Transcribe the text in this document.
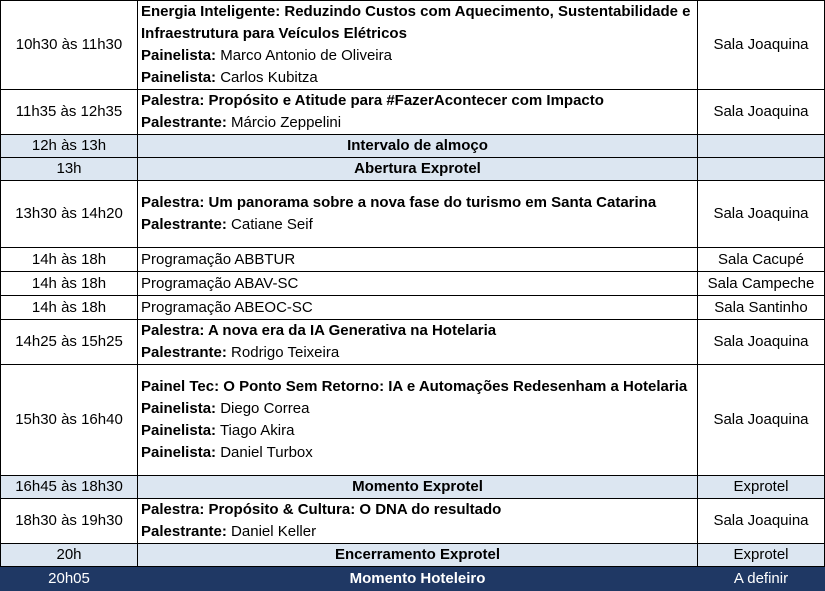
10h30 às 11h30	Energia Inteligente: Reduzindo Custos com Aquecimento, Sustentabilidade e Infraestrutura para Veículos Elétricos
Painelista: Marco Antonio de Oliveira
Painelista: Carlos Kubitza	Sala Joaquina
11h35 às 12h35	Palestra: Propósito e Atitude para #FazerAcontecer com Impacto
Palestrante: Márcio Zeppelini	Sala Joaquina
12h às 13h	Intervalo de almoço	
13h	Abertura Exprotel	
13h30 às 14h20	Palestra: Um panorama sobre a nova fase do turismo em Santa Catarina
Palestrante: Catiane Seif	Sala Joaquina
14h às 18h	Programação ABBTUR	Sala Cacupé
14h às 18h	Programação ABAV-SC	Sala Campeche
14h às 18h	Programação ABEOC-SC	Sala Santinho
14h25 às 15h25	Palestra: A nova era da IA Generativa na Hotelaria
Palestrante: Rodrigo Teixeira	Sala Joaquina
15h30 às 16h40	Painel Tec: O Ponto Sem Retorno: IA e Automações Redesenham a Hotelaria
Painelista: Diego Correa
Painelista: Tiago Akira
Painelista: Daniel Turbox	Sala Joaquina
16h45 às 18h30	Momento Exprotel	Exprotel
18h30 às 19h30	Palestra: Propósito & Cultura: O DNA do resultado
Palestrante: Daniel Keller	Sala Joaquina
20h	Encerramento Exprotel	Exprotel
20h05	Momento Hoteleiro	A definir
